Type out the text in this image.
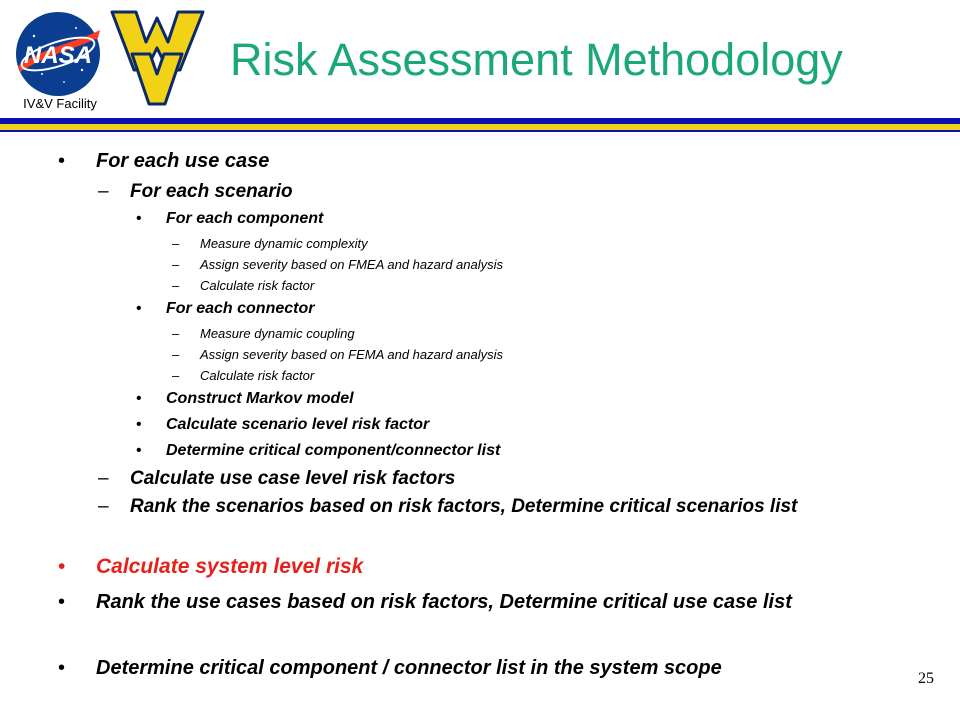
NASA
IV&V Facility
Risk Assessment Methodology
• For each use case
– For each scenario
• For each component
– Measure dynamic complexity
– Assign severity based on FMEA and hazard analysis
– Calculate risk factor
• For each connector
– Measure dynamic coupling
– Assign severity based on FEMA and hazard analysis
– Calculate risk factor
• Construct Markov model
• Calculate scenario level risk factor
• Determine critical component/connector list
– Calculate use case level risk factors
– Rank the scenarios based on risk factors, Determine critical scenarios list
• Calculate system level risk
• Rank the use cases based on risk factors, Determine critical use case list
• Determine critical component / connector list in the system scope	25
